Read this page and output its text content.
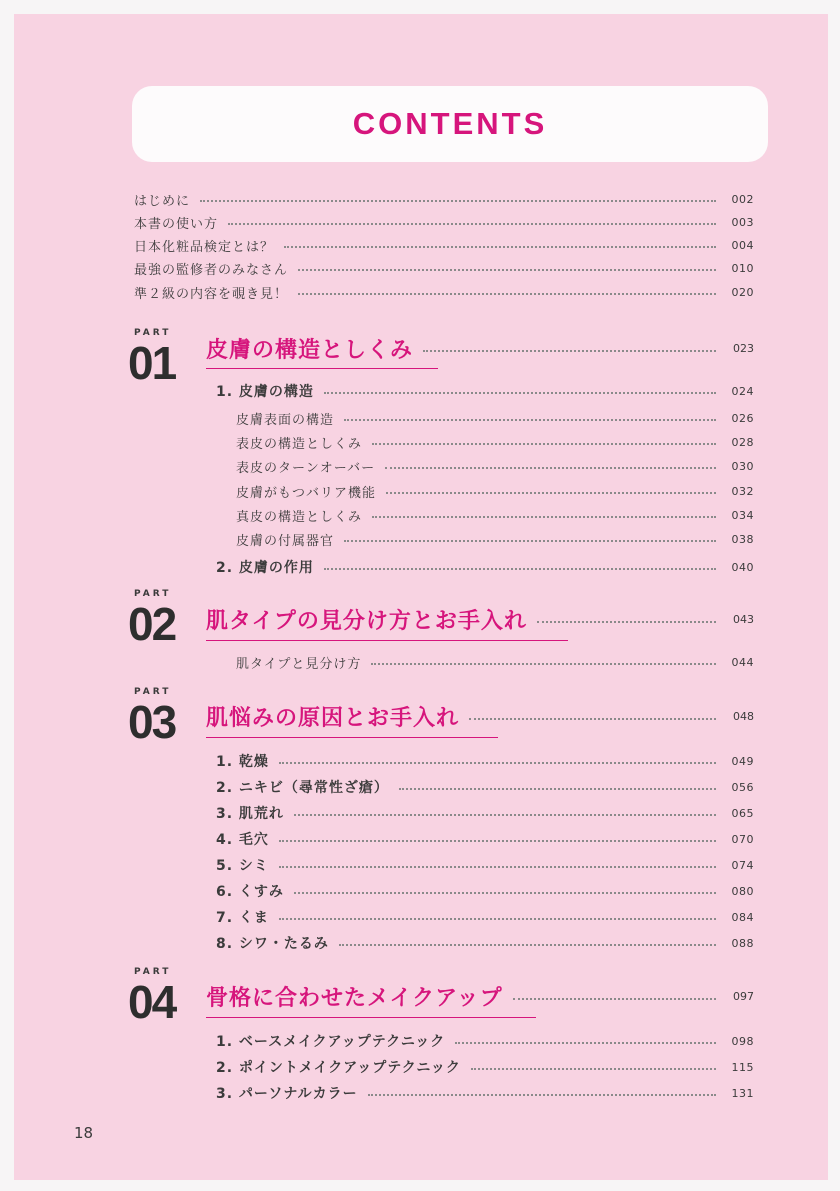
CONTENTS
はじめに	002
本書の使い方	003
日本化粧品検定とは？	004
最強の監修者のみなさん	010
準２級の内容を覗き見！	020
PART
01 皮膚の構造としくみ	023
1. 皮膚の構造	024
皮膚表面の構造	026
表皮の構造としくみ	028
表皮のターンオーバー	030
皮膚がもつバリア機能	032
真皮の構造としくみ	034
皮膚の付属器官	038
2. 皮膚の作用	040
PART
02 肌タイプの見分け方とお手入れ	043
肌タイプと見分け方	044
PART
03 肌悩みの原因とお手入れ	048
1. 乾燥	049
2. ニキビ（尋常性ざ瘡）	056
3. 肌荒れ	065
4. 毛穴	070
5. シミ	074
6. くすみ	080
7. くま	084
8. シワ・たるみ	088
PART
04 骨格に合わせたメイクアップ	097
1. ベースメイクアップテクニック	098
2. ポイントメイクアップテクニック	115
3. パーソナルカラー	131
18
